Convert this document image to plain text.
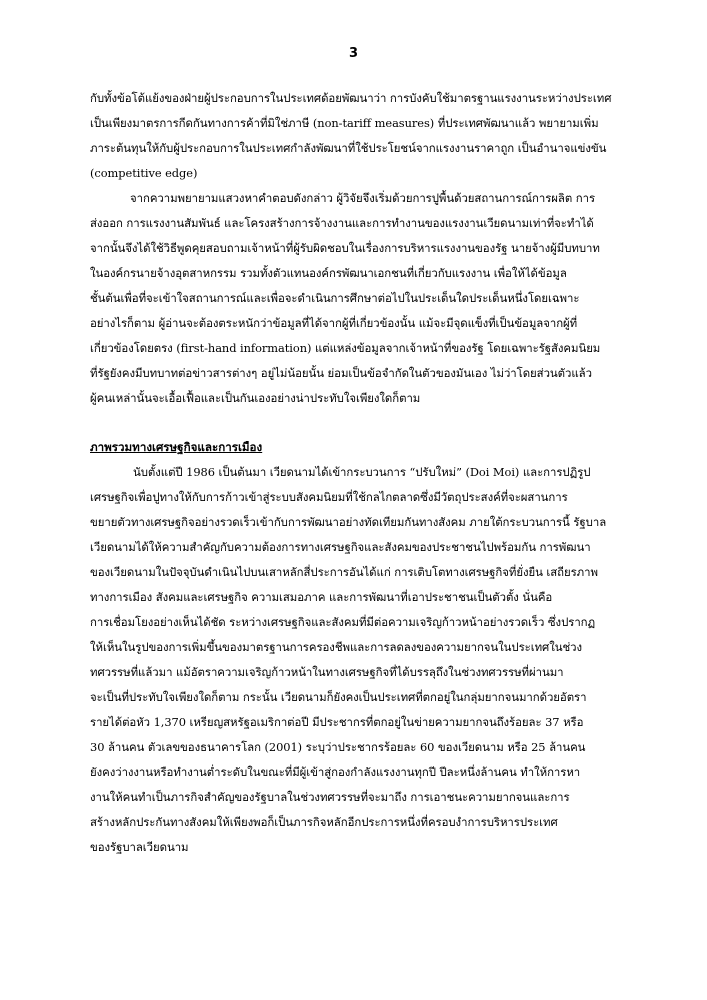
3
กับทั้งข้อโต้แย้งของฝ่ายผู้ประกอบการในประเทศด้อยพัฒนาว่า การบังคับใช้มาตรฐานแรงงานระหว่างประเทศ
เป็นเพียงมาตรการกีดกันทางการค้าที่มิใช่ภาษี (non-tariff measures) ที่ประเทศพัฒนาแล้ว พยายามเพิ่ม
ภาระต้นทุนให้กับผู้ประกอบการในประเทศกำลังพัฒนาที่ใช้ประโยชน์จากแรงงานราคาถูก เป็นอำนาจแข่งขัน
(competitive edge)
จากความพยายามแสวงหาคำตอบดังกล่าว ผู้วิจัยจึงเริ่มด้วยการปูพื้นด้วยสถานการณ์การผลิต การ
ส่งออก การแรงงานสัมพันธ์ และโครงสร้างการจ้างงานและการทำงานของแรงงานเวียดนามเท่าที่จะทำได้
จากนั้นจึงได้ใช้วิธีพูดคุยสอบถามเจ้าหน้าที่ผู้รับผิดชอบในเรื่องการบริหารแรงงานของรัฐ นายจ้างผู้มีบทบาท
ในองค์กรนายจ้างอุตสาหกรรม รวมทั้งตัวแทนองค์กรพัฒนาเอกชนที่เกี่ยวกับแรงงาน เพื่อให้ได้ข้อมูล
ชั้นต้นเพื่อที่จะเข้าใจสถานการณ์และเพื่อจะดำเนินการศึกษาต่อไปในประเด็นใดประเด็นหนึ่งโดยเฉพาะ
อย่างไรก็ตาม ผู้อ่านจะต้องตระหนักว่าข้อมูลที่ได้จากผู้ที่เกี่ยวข้องนั้น แม้จะมีจุดแข็งที่เป็นข้อมูลจากผู้ที่
เกี่ยวข้องโดยตรง (first-hand information) แต่แหล่งข้อมูลจากเจ้าหน้าที่ของรัฐ โดยเฉพาะรัฐสังคมนิยม
ที่รัฐยังคงมีบทบาทต่อข่าวสารต่างๆ อยู่ไม่น้อยนั้น ย่อมเป็นข้อจำกัดในตัวของมันเอง ไม่ว่าโดยส่วนตัวแล้ว
ผู้คนเหล่านั้นจะเอื้อเฟื้อและเป็นกันเองอย่างน่าประทับใจเพียงใดก็ตาม
ภาพรวมทางเศรษฐกิจและการเมือง
นับตั้งแต่ปี 1986 เป็นต้นมา เวียดนามได้เข้ากระบวนการ “ปรับใหม่” (Doi Moi) และการปฏิรูป
เศรษฐกิจเพื่อปูทางให้กับการก้าวเข้าสู่ระบบสังคมนิยมที่ใช้กลไกตลาดซึ่งมีวัตถุประสงค์ที่จะผสานการ
ขยายตัวทางเศรษฐกิจอย่างรวดเร็วเข้ากับการพัฒนาอย่างทัดเทียมกันทางสังคม ภายใต้กระบวนการนี้ รัฐบาล
เวียดนามได้ให้ความสำคัญกับความต้องการทางเศรษฐกิจและสังคมของประชาชนไปพร้อมกัน การพัฒนา
ของเวียดนามในปัจจุบันดำเนินไปบนเสาหลักสี่ประการอันได้แก่ การเติบโตทางเศรษฐกิจที่ยั่งยืน เสถียรภาพ
ทางการเมือง สังคมและเศรษฐกิจ ความเสมอภาค และการพัฒนาที่เอาประชาชนเป็นตัวตั้ง นั่นคือ
การเชื่อมโยงอย่างเห็นได้ชัด ระหว่างเศรษฐกิจและสังคมที่มีต่อความเจริญก้าวหน้าอย่างรวดเร็ว ซึ่งปรากฏ
ให้เห็นในรูปของการเพิ่มขึ้นของมาตรฐานการครองชีพและการลดลงของความยากจนในประเทศในช่วง
ทศวรรษที่แล้วมา แม้อัตราความเจริญก้าวหน้าในทางเศรษฐกิจที่ได้บรรลุถึงในช่วงทศวรรษที่ผ่านมา
จะเป็นที่ประทับใจเพียงใดก็ตาม กระนั้น เวียดนามก็ยังคงเป็นประเทศที่ตกอยู่ในกลุ่มยากจนมากด้วยอัตรา
รายได้ต่อหัว 1,370 เหรียญสหรัฐอเมริกาต่อปี มีประชากรที่ตกอยู่ในข่ายความยากจนถึงร้อยละ 37 หรือ
30 ล้านคน ตัวเลขของธนาคารโลก (2001) ระบุว่าประชากรร้อยละ 60 ของเวียดนาม หรือ 25 ล้านคน
ยังคงว่างงานหรือทำงานต่ำระดับในขณะที่มีผู้เข้าสู่กองกำลังแรงงานทุกปี ปีละหนึ่งล้านคน ทำให้การหา
งานให้คนทำเป็นภารกิจสำคัญของรัฐบาลในช่วงทศวรรษที่จะมาถึง การเอาชนะความยากจนและการ
สร้างหลักประกันทางสังคมให้เพียงพอก็เป็นภารกิจหลักอีกประการหนึ่งที่ครอบงำการบริหารประเทศ
ของรัฐบาลเวียดนาม
